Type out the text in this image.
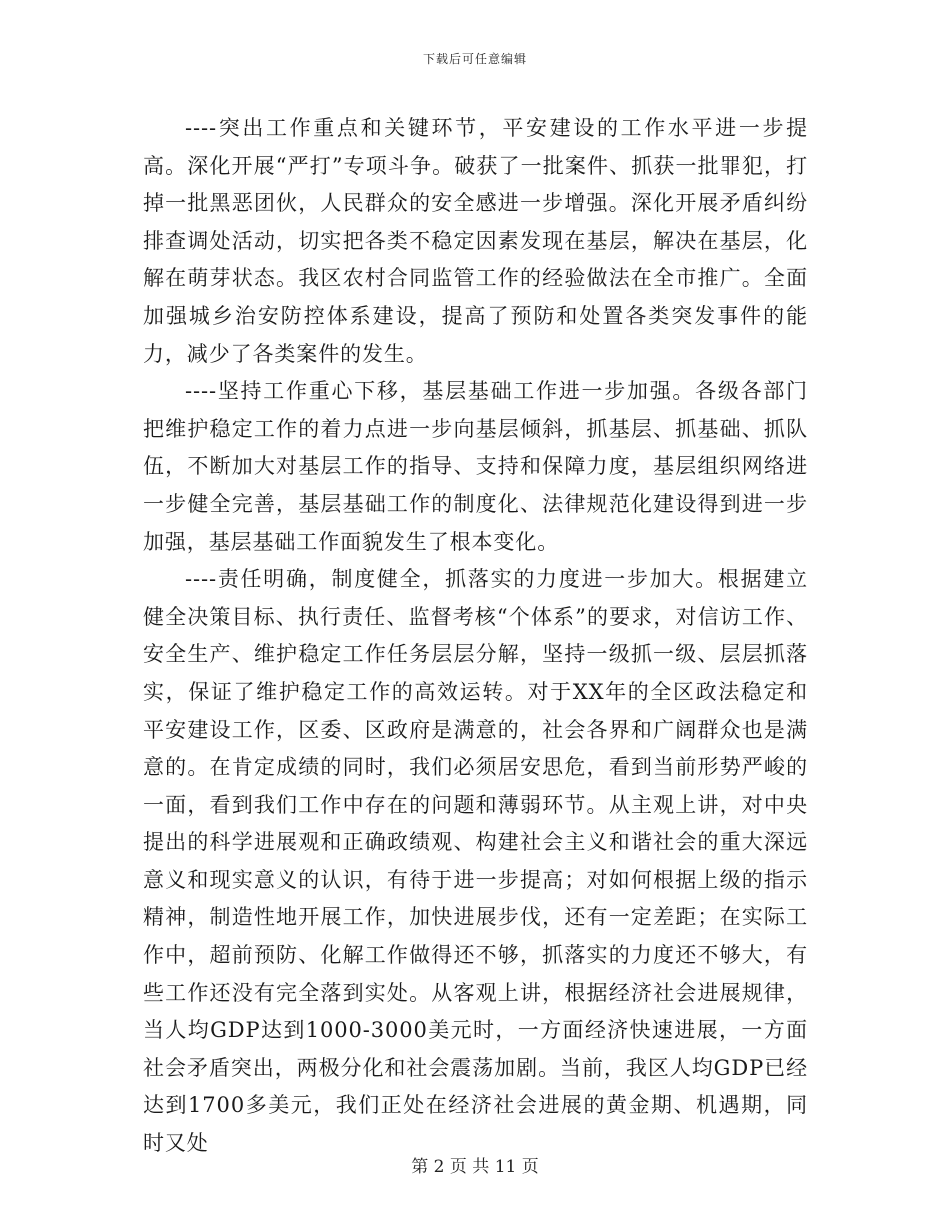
下载后可任意编辑

----突出工作重点和关键环节，平安建设的工作水平进一步提高。深化开展“严打”专项斗争。破获了一批案件、抓获一批罪犯，打掉一批黑恶团伙，人民群众的安全感进一步增强。深化开展矛盾纠纷排查调处活动，切实把各类不稳定因素发现在基层，解决在基层，化解在萌芽状态。我区农村合同监管工作的经验做法在全市推广。全面加强城乡治安防控体系建设，提高了预防和处置各类突发事件的能力，减少了各类案件的发生。

----坚持工作重心下移，基层基础工作进一步加强。各级各部门把维护稳定工作的着力点进一步向基层倾斜，抓基层、抓基础、抓队伍，不断加大对基层工作的指导、支持和保障力度，基层组织网络进一步健全完善，基层基础工作的制度化、法律规范化建设得到进一步加强，基层基础工作面貌发生了根本变化。

----责任明确，制度健全，抓落实的力度进一步加大。根据建立健全决策目标、执行责任、监督考核“个体系”的要求，对信访工作、安全生产、维护稳定工作任务层层分解，坚持一级抓一级、层层抓落实，保证了维护稳定工作的高效运转。对于XX年的全区政法稳定和平安建设工作，区委、区政府是满意的，社会各界和广阔群众也是满意的。在肯定成绩的同时，我们必须居安思危，看到当前形势严峻的一面，看到我们工作中存在的问题和薄弱环节。从主观上讲，对中央提出的科学进展观和正确政绩观、构建社会主义和谐社会的重大深远意义和现实意义的认识，有待于进一步提高；对如何根据上级的指示精神，制造性地开展工作，加快进展步伐，还有一定差距；在实际工作中，超前预防、化解工作做得还不够，抓落实的力度还不够大，有些工作还没有完全落到实处。从客观上讲，根据经济社会进展规律，当人均GDP达到1000-3000美元时，一方面经济快速进展，一方面社会矛盾突出，两极分化和社会震荡加剧。当前，我区人均GDP已经达到1700多美元，我们正处在经济社会进展的黄金期、机遇期，同时又处

第 2 页 共 11 页
